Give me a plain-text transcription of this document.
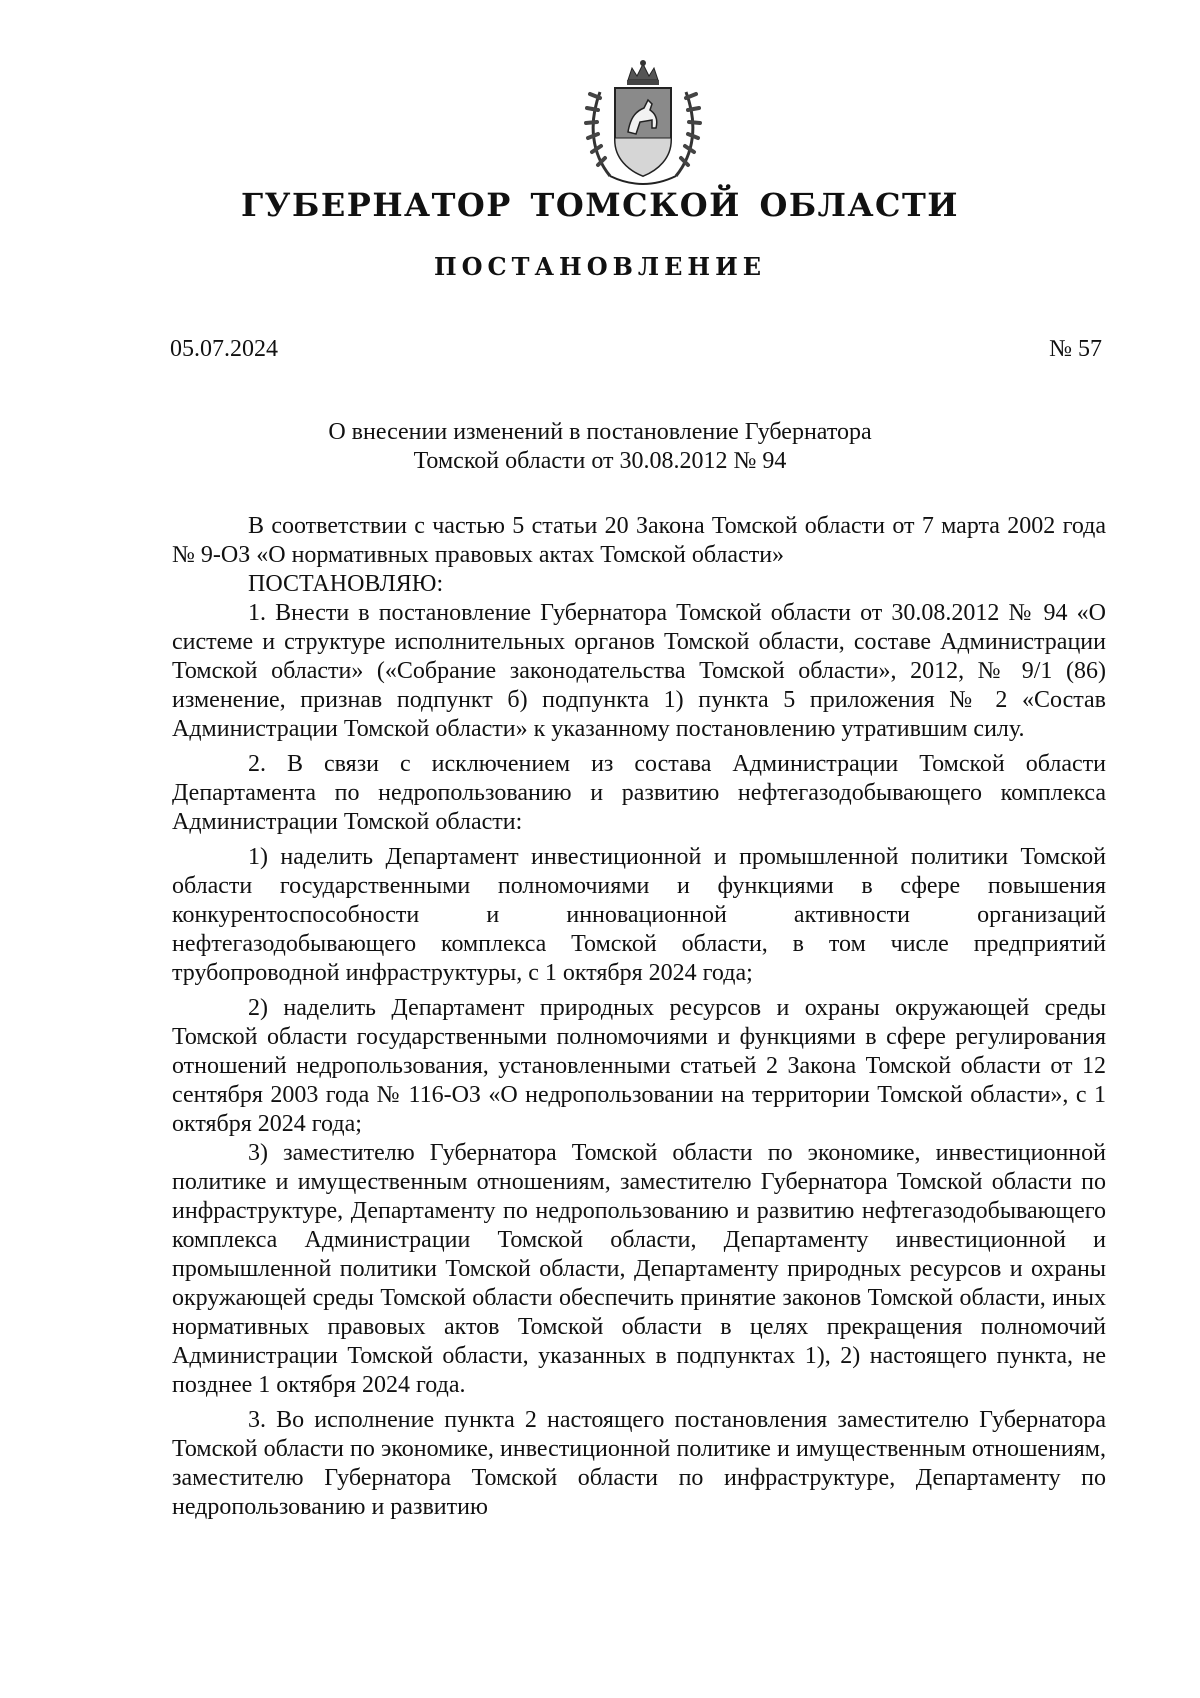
ГУБЕРНАТОР ТОМСКОЙ ОБЛАСТИ
ПОСТАНОВЛЕНИЕ
05.07.2024	№ 57
О внесении изменений в постановление Губернатора
Томской области от 30.08.2012 № 94

В соответствии с частью 5 статьи 20 Закона Томской области от 7 марта 2002 года № 9-ОЗ «О нормативных правовых актах Томской области»

ПОСТАНОВЛЯЮ:

1. Внести в постановление Губернатора Томской области от 30.08.2012 № 94 «О системе и структуре исполнительных органов Томской области, составе Администрации Томской области» («Собрание законодательства Томской области», 2012, № 9/1 (86) изменение, признав подпункт б) подпункта 1) пункта 5 приложения № 2 «Состав Администрации Томской области» к указанному постановлению утратившим силу.

2. В связи с исключением из состава Администрации Томской области Департамента по недропользованию и развитию нефтегазодобывающего комплекса Администрации Томской области:

1) наделить Департамент инвестиционной и промышленной политики Томской области государственными полномочиями и функциями в сфере повышения конкурентоспособности и инновационной активности организаций нефтегазодобывающего комплекса Томской области, в том числе предприятий трубопроводной инфраструктуры, с 1 октября 2024 года;

2) наделить Департамент природных ресурсов и охраны окружающей среды Томской области государственными полномочиями и функциями в сфере регулирования отношений недропользования, установленными статьей 2 Закона Томской области от 12 сентября 2003 года № 116-ОЗ «О недропользовании на территории Томской области», с 1 октября 2024 года;

3) заместителю Губернатора Томской области по экономике, инвестиционной политике и имущественным отношениям, заместителю Губернатора Томской области по инфраструктуре, Департаменту по недропользованию и развитию нефтегазодобывающего комплекса Администрации Томской области, Департаменту инвестиционной и промышленной политики Томской области, Департаменту природных ресурсов и охраны окружающей среды Томской области обеспечить принятие законов Томской области, иных нормативных правовых актов Томской области в целях прекращения полномочий Администрации Томской области, указанных в подпунктах 1), 2) настоящего пункта, не позднее 1 октября 2024 года.

3. Во исполнение пункта 2 настоящего постановления заместителю Губернатора Томской области по экономике, инвестиционной политике и имущественным отношениям, заместителю Губернатора Томской области по инфраструктуре, Департаменту по недропользованию и развитию
